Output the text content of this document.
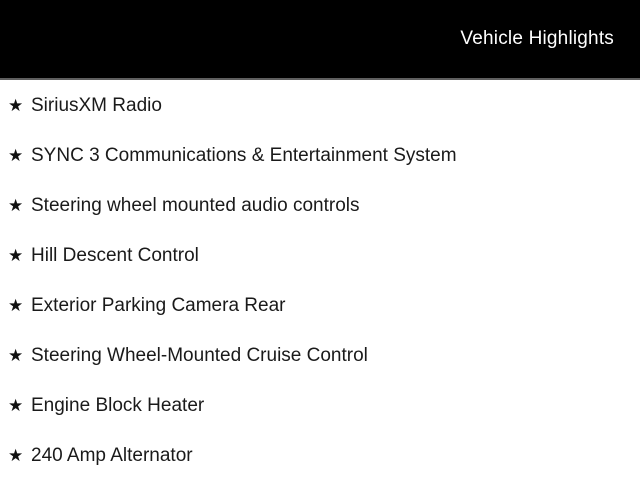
Vehicle Highlights
★ SiriusXM Radio
★ SYNC 3 Communications & Entertainment System
★ Steering wheel mounted audio controls
★ Hill Descent Control
★ Exterior Parking Camera Rear
★ Steering Wheel-Mounted Cruise Control
★ Engine Block Heater
★ 240 Amp Alternator
